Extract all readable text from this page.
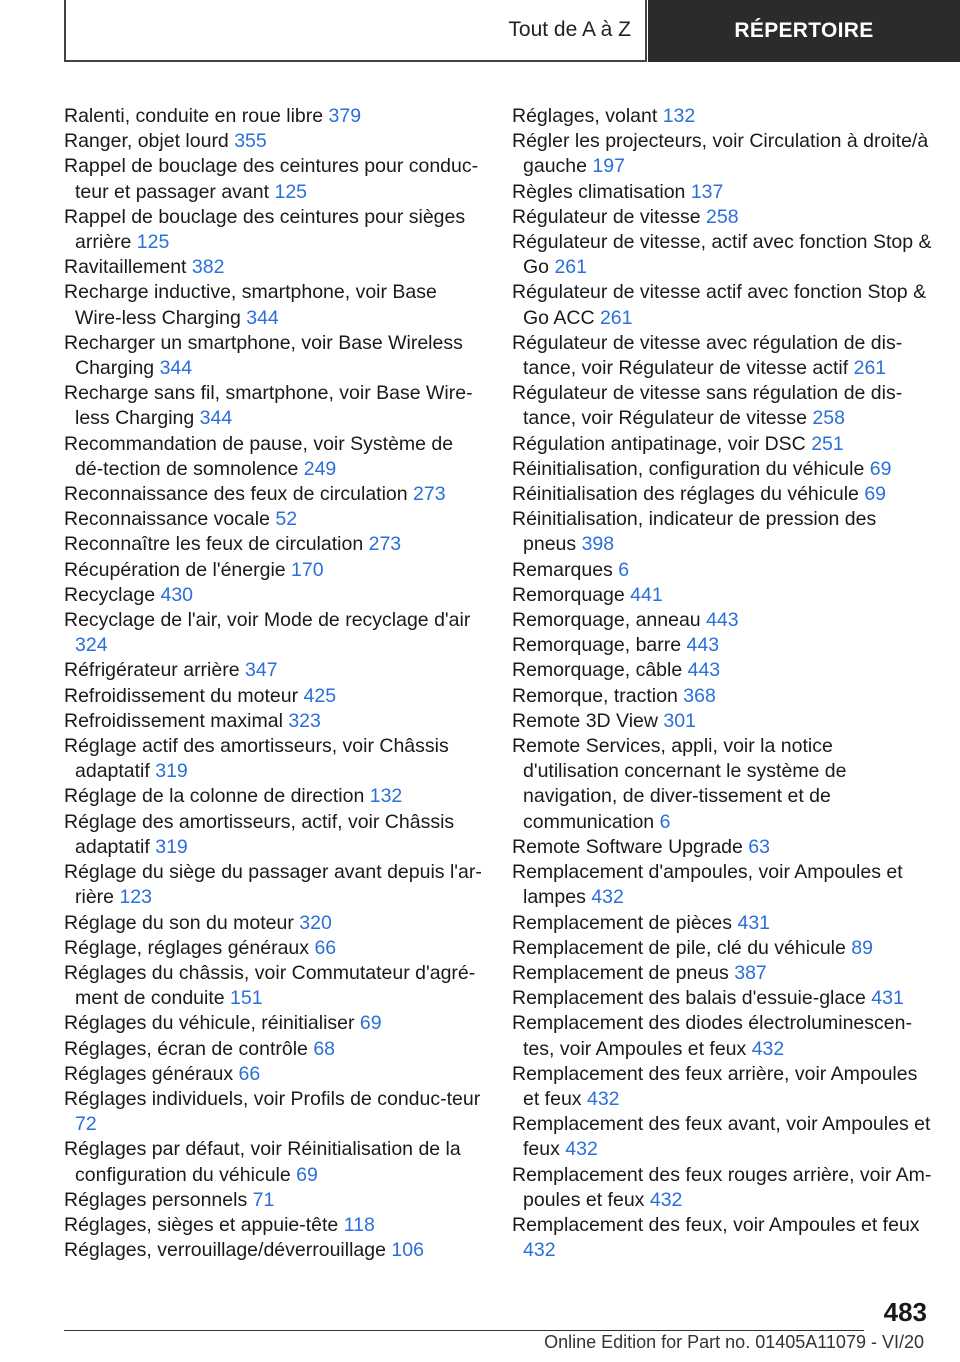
Tout de A à Z	RÉPERTOIRE

Ralenti, conduite en roue libre 379

Ranger, objet lourd 355

Rappel de bouclage des ceintures pour conduc‐teur et passager avant 125

Rappel de bouclage des ceintures pour sièges arrière 125

Ravitaillement 382

Recharge inductive, smartphone, voir Base Wire‐less Charging 344

Recharger un smartphone, voir Base Wireless Charging 344

Recharge sans fil, smartphone, voir Base Wire‐less Charging 344

Recommandation de pause, voir Système de dé‐tection de somnolence 249

Reconnaissance des feux de circulation 273

Reconnaissance vocale 52

Reconnaître les feux de circulation 273

Récupération de l'énergie 170

Recyclage 430

Recyclage de l'air, voir Mode de recyclage d'air 324

Réfrigérateur arrière 347

Refroidissement du moteur 425

Refroidissement maximal 323

Réglage actif des amortisseurs, voir Châssis adaptatif 319

Réglage de la colonne de direction 132

Réglage des amortisseurs, actif, voir Châssis adaptatif 319

Réglage du siège du passager avant depuis l'ar‐rière 123

Réglage du son du moteur 320

Réglage, réglages généraux 66

Réglages du châssis, voir Commutateur d'agré‐ment de conduite 151

Réglages du véhicule, réinitialiser 69

Réglages, écran de contrôle 68

Réglages généraux 66

Réglages individuels, voir Profils de conduc‐teur 72

Réglages par défaut, voir Réinitialisation de la configuration du véhicule 69

Réglages personnels 71

Réglages, sièges et appuie-tête 118

Réglages, verrouillage/déverrouillage 106

Réglages, volant 132

Régler les projecteurs, voir Circulation à droite/à gauche 197

Règles climatisation 137

Régulateur de vitesse 258

Régulateur de vitesse, actif avec fonction Stop & Go 261

Régulateur de vitesse actif avec fonction Stop & Go ACC 261

Régulateur de vitesse avec régulation de dis‐tance, voir Régulateur de vitesse actif 261

Régulateur de vitesse sans régulation de dis‐tance, voir Régulateur de vitesse 258

Régulation antipatinage, voir DSC 251

Réinitialisation, configuration du véhicule 69

Réinitialisation des réglages du véhicule 69

Réinitialisation, indicateur de pression des pneus 398

Remarques 6

Remorquage 441

Remorquage, anneau 443

Remorquage, barre 443

Remorquage, câble 443

Remorque, traction 368

Remote 3D View 301

Remote Services, appli, voir la notice d'utilisation concernant le système de navigation, de diver‐tissement et de communication 6

Remote Software Upgrade 63

Remplacement d'ampoules, voir Ampoules et lampes 432

Remplacement de pièces 431

Remplacement de pile, clé du véhicule 89

Remplacement de pneus 387

Remplacement des balais d'essuie-glace 431

Remplacement des diodes électroluminescen‐tes, voir Ampoules et feux 432

Remplacement des feux arrière, voir Ampoules et feux 432

Remplacement des feux avant, voir Ampoules et feux 432

Remplacement des feux rouges arrière, voir Am‐poules et feux 432

Remplacement des feux, voir Ampoules et feux 432

483
Online Edition for Part no. 01405A11079 - VI/20
